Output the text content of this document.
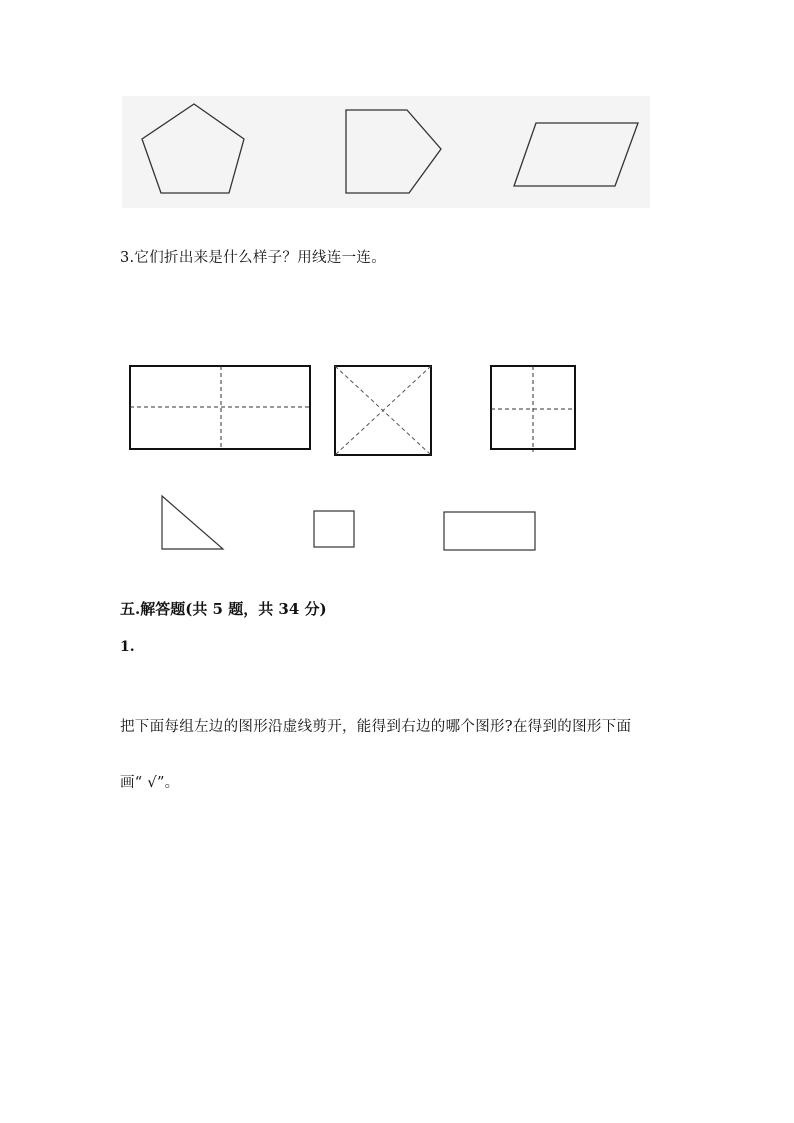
3.它们折出来是什么样子？用线连一连。
五.解答题(共 5 题，共 34 分)
1.
把下面每组左边的图形沿虚线剪开，能得到右边的哪个图形?在得到的图形下面
画“ √”。
